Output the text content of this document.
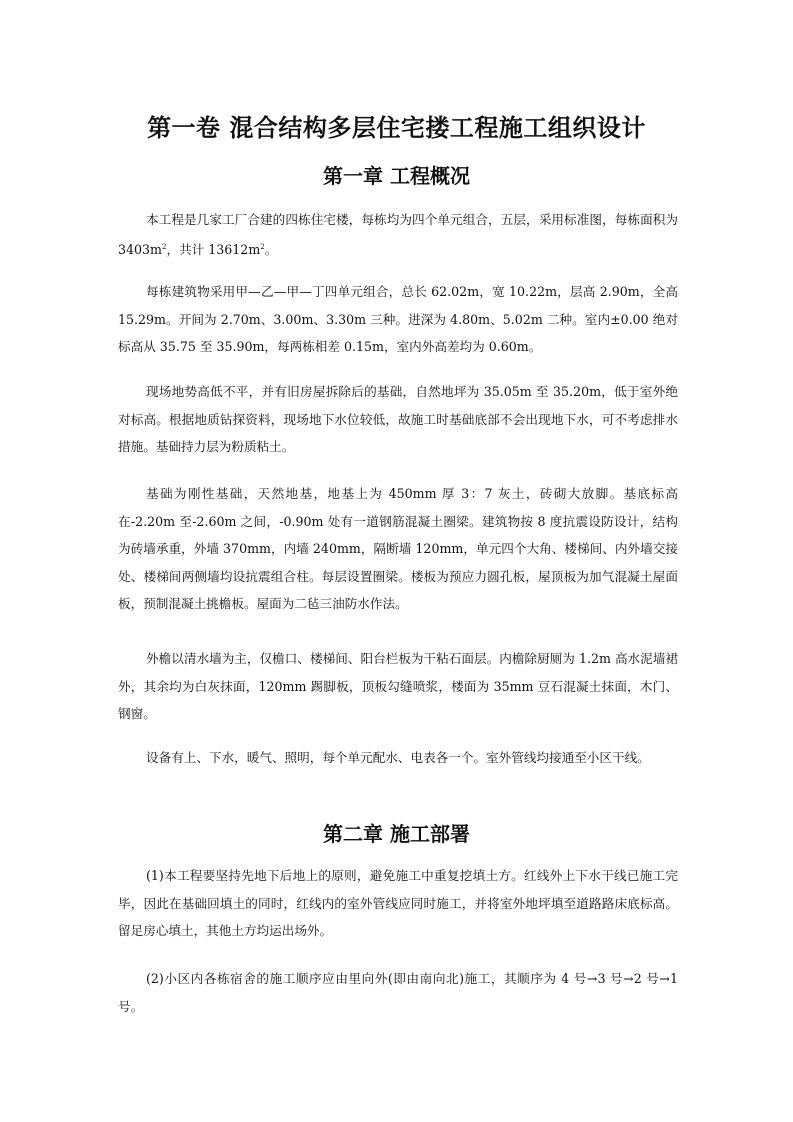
第一卷 混合结构多层住宅搂工程施工组织设计
第一章 工程概况

本工程是几家工厂合建的四栋住宅楼，每栋均为四个单元组合，五层，采用标准图，每栋面积为 $3403m^2$，共计 $13612m^2$。

每栋建筑物采用甲—乙—甲—丁四单元组合，总长 62.02m，宽 10.22m，层高 2.90m，全高 15.29m。开间为 2.70m、3.00m、3.30m 三种。进深为 4.80m、5.02m 二种。室内±0.00 绝对标高从 35.75 至 35.90m，每两栋相差 0.15m，室内外高差均为 0.60m。

现场地势高低不平，并有旧房屋拆除后的基础，自然地坪为 35.05m 至 35.20m，低于室外绝对标高。根据地质钻探资料，现场地下水位较低，故施工时基础底部不会出现地下水，可不考虑排水措施。基础持力层为粉质粘土。

基础为刚性基础，天然地基，地基上为 450mm 厚 3：7 灰土，砖砌大放脚。基底标高在-2.20m 至-2.60m 之间，-0.90m 处有一道钢筋混凝土圈梁。建筑物按 8 度抗震设防设计，结构为砖墙承重，外墙 370mm，内墙 240mm，隔断墙 120mm，单元四个大角、楼梯间、内外墙交接处、楼梯间两侧墙均设抗震组合柱。每层设置圈梁。楼板为预应力圆孔板，屋顶板为加气混凝土屋面板，预制混凝土挑檐板。屋面为二毡三油防水作法。

外檐以清水墙为主，仅檐口、楼梯间、阳台栏板为干粘石面层。内檐除厨厕为 1.2m 高水泥墙裙外，其余均为白灰抹面，120mm 踢脚板，顶板勾缝喷浆，楼面为 35mm 豆石混凝土抹面，木门、钢窗。

设备有上、下水，暖气、照明，每个单元配水、电表各一个。室外管线均接通至小区干线。

第二章 施工部署

(1)本工程要坚持先地下后地上的原则，避免施工中重复挖填土方。红线外上下水干线已施工完毕，因此在基础回填土的同时，红线内的室外管线应同时施工，并将室外地坪填至道路路床底标高。留足房心填土，其他土方均运出场外。

(2)小区内各栋宿舍的施工顺序应由里向外(即由南向北)施工，其顺序为 4 号→3 号→2 号→1 号。
